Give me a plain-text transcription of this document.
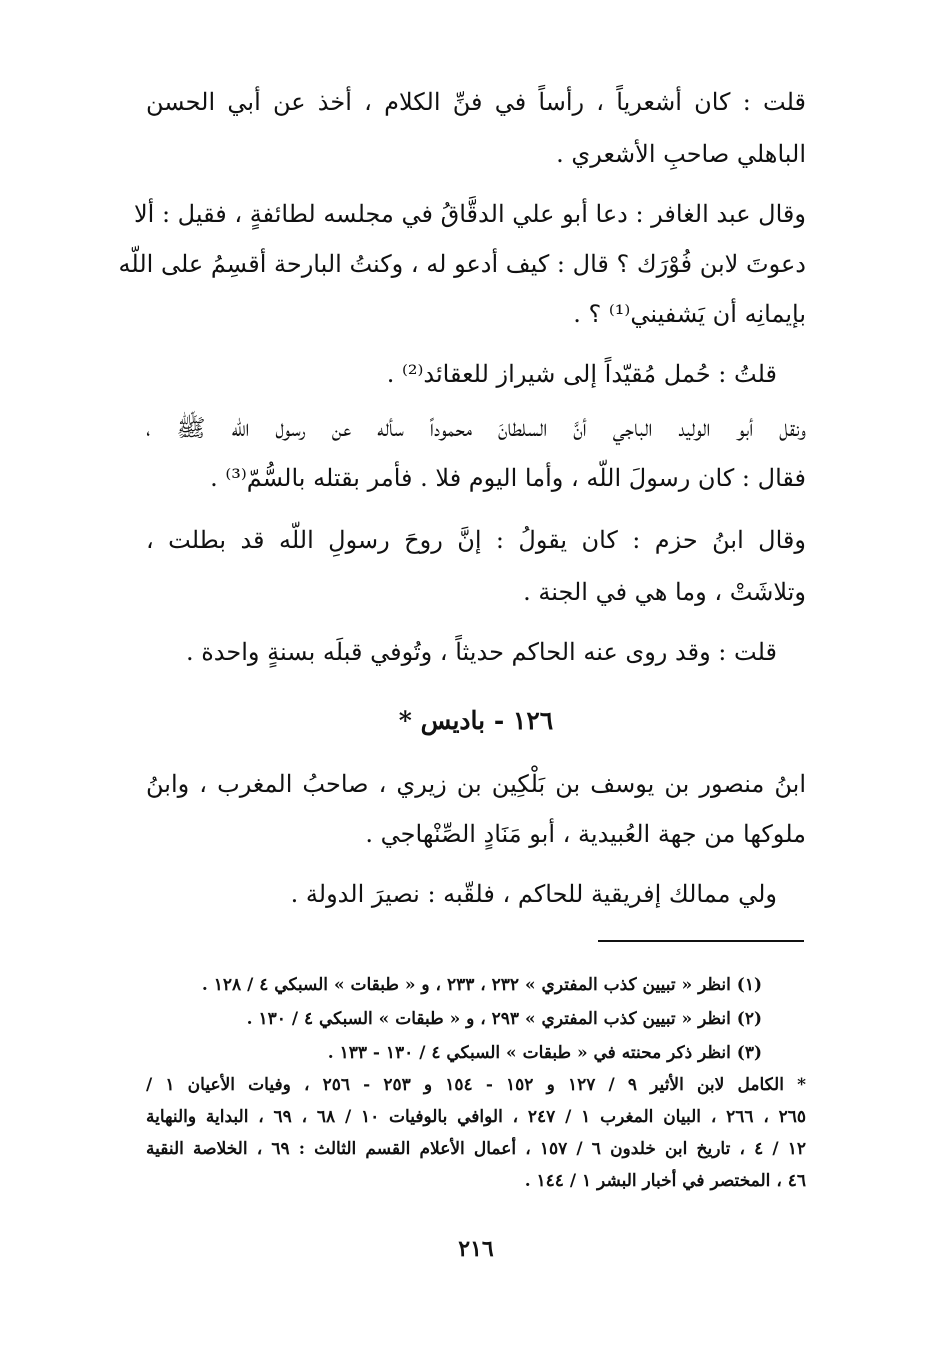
قلت : كان أشعرياً ، رأساً في فنِّ الكلام ، أخذ عن أبي الحسن
الباهلي صاحبِ الأشعري .
وقال عبد الغافر : دعا أبو علي الدقَّاقُ في مجلسه لطائفةٍ ، فقيل : ألا
دعوتَ لابن فُوْرَك ؟ قال : كيف أدعو له ، وكنتُ البارحة أقسِمُ على اللّه
بإيمانِه أن يَشفيني⁽¹⁾ ؟ .
قلتُ : حُمل مُقيّداً إلى شيراز للعقائد⁽²⁾ .
ونقل أبو الوليد الباجي أنَّ السلطانَ محموداً سأله عن رسول اللّه ﷺ ،
فقال : كان رسولَ اللّه ، وأما اليوم فلا . فأمر بقتله بالسُّمّ⁽³⁾ .
وقال ابنُ حزم : كان يقولُ : إنَّ روحَ رسولِ اللّه قد بطلت ،
وتلاشَتْ ، وما هي في الجنة .
قلت : وقد روى عنه الحاكم حديثاً ، وتُوفي قبلَه بسنةٍ واحدة .
١٢٦ - باديس *
ابنُ منصور بن يوسف بن بَلْكِين بن زيري ، صاحبُ المغرب ، وابنُ
ملوكها من جهة العُبيدية ، أبو مَنَادٍ الصِّنْهاجي .
ولي ممالك إفريقية للحاكم ، فلقّبه : نصيرَ الدولة .
(١) انظر « تبيين كذب المفتري » ٢٣٢ ، ٢٣٣ ، و « طبقات » السبكي ٤ / ١٢٨ .
(٢) انظر « تبيين كذب المفتري » ٢٩٣ ، و « طبقات » السبكي ٤ / ١٣٠ .
(٣) انظر ذكر محنته في « طبقات » السبكي ٤ / ١٣٠ - ١٣٣ .
* الكامل لابن الأثير ٩ / ١٢٧ و ١٥٢ - ١٥٤ و ٢٥٣ - ٢٥٦ ، وفيات الأعيان ١ /
٢٦٥ ، ٢٦٦ ، البيان المغرب ١ / ٢٤٧ ، الوافي بالوفيات ١٠ / ٦٨ ، ٦٩ ، البداية والنهاية
١٢ / ٤ ، تاريخ ابن خلدون ٦ / ١٥٧ ، أعمال الأعلام القسم الثالث : ٦٩ ، الخلاصة النقية
٤٦ ، المختصر في أخبار البشر ١ / ١٤٤ .
٢١٦
